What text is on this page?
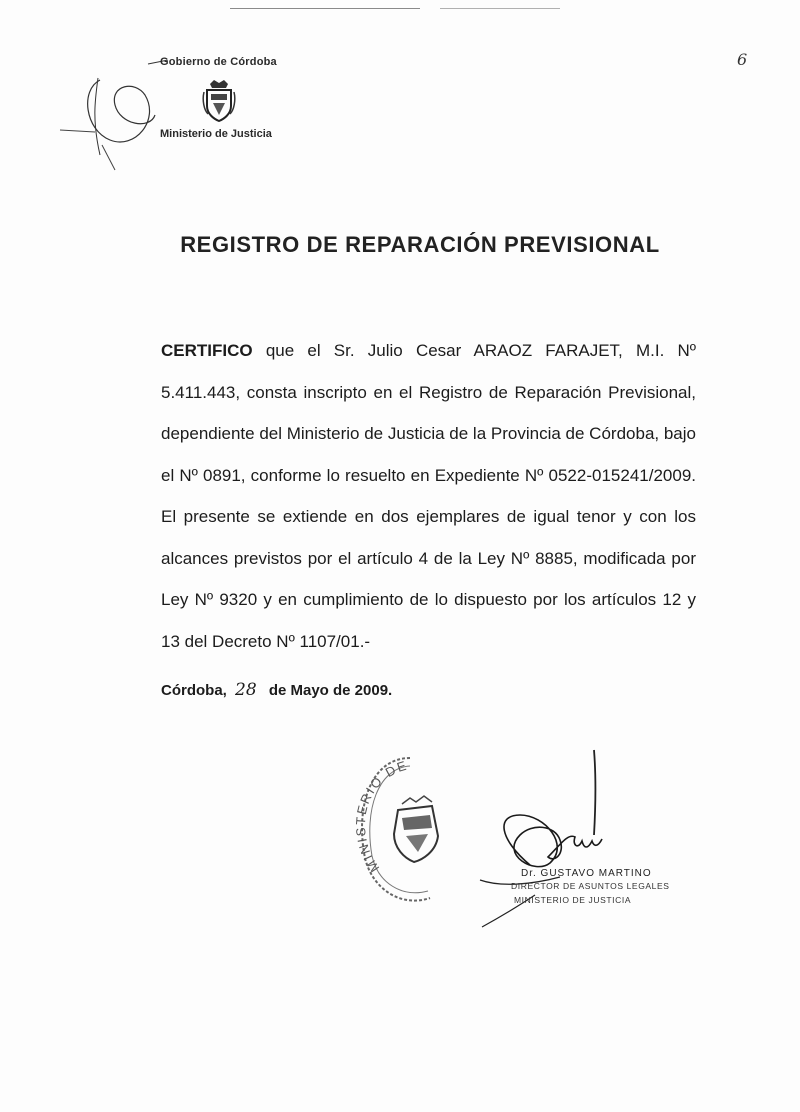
6
Gobierno de Córdoba
Ministerio de Justicia
REGISTRO DE REPARACIÓN PREVISIONAL
CERTIFICO que el Sr. Julio Cesar ARAOZ FARAJET, M.I. Nº 5.411.443, consta inscripto en el Registro de Reparación Previsional, dependiente del Ministerio de Justicia de la Provincia de Córdoba, bajo el Nº 0891, conforme lo resuelto en Expediente Nº 0522-015241/2009. El presente se extiende en dos ejemplares de igual tenor y con los alcances previstos por el artículo 4 de la Ley Nº 8885, modificada por Ley Nº 9320 y en cumplimiento de lo dispuesto por los artículos 12 y 13 del Decreto Nº 1107/01.-
Córdoba, 28 de Mayo de 2009.
MINISTERIO DE
Dr. GUSTAVO MARTINO
DIRECTOR DE ASUNTOS LEGALES
MINISTERIO DE JUSTICIA
